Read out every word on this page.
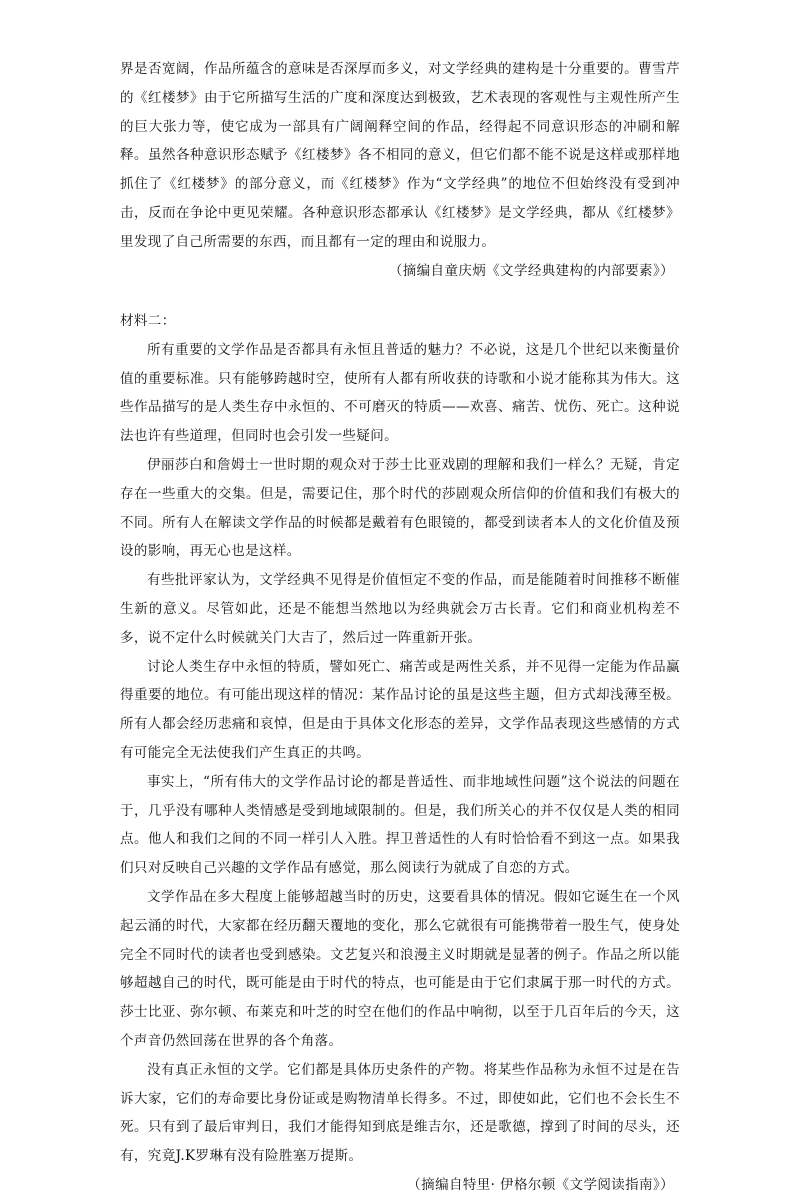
界是否宽阔，作品所蕴含的意味是否深厚而多义，对文学经典的建构是十分重要的。曹雪芹的《红楼梦》由于它所描写生活的广度和深度达到极致，艺术表现的客观性与主观性所产生的巨大张力等，使它成为一部具有广阔阐释空间的作品，经得起不同意识形态的冲刷和解释。虽然各种意识形态赋予《红楼梦》各不相同的意义，但它们都不能不说是这样或那样地抓住了《红楼梦》的部分意义，而《红楼梦》作为“文学经典”的地位不但始终没有受到冲击，反而在争论中更见荣耀。各种意识形态都承认《红楼梦》是文学经典，都从《红楼梦》里发现了自己所需要的东西，而且都有一定的理由和说服力。

（摘编自童庆炳《文学经典建构的内部要素》）

材料二：

所有重要的文学作品是否都具有永恒且普适的魅力？不必说，这是几个世纪以来衡量价值的重要标准。只有能够跨越时空，使所有人都有所收获的诗歌和小说才能称其为伟大。这些作品描写的是人类生存中永恒的、不可磨灭的特质——欢喜、痛苦、忧伤、死亡。这种说法也许有些道理，但同时也会引发一些疑问。

伊丽莎白和詹姆士一世时期的观众对于莎士比亚戏剧的理解和我们一样么？无疑，肯定存在一些重大的交集。但是，需要记住，那个时代的莎剧观众所信仰的价值和我们有极大的不同。所有人在解读文学作品的时候都是戴着有色眼镜的，都受到读者本人的文化价值及预设的影响，再无心也是这样。

有些批评家认为，文学经典不见得是价值恒定不变的作品，而是能随着时间推移不断催生新的意义。尽管如此，还是不能想当然地以为经典就会万古长青。它们和商业机构差不多，说不定什么时候就关门大吉了，然后过一阵重新开张。

讨论人类生存中永恒的特质，譬如死亡、痛苦或是两性关系，并不见得一定能为作品赢得重要的地位。有可能出现这样的情况：某作品讨论的虽是这些主题，但方式却浅薄至极。所有人都会经历悲痛和哀悼，但是由于具体文化形态的差异，文学作品表现这些感情的方式有可能完全无法使我们产生真正的共鸣。

事实上，“所有伟大的文学作品讨论的都是普适性、而非地域性问题”这个说法的问题在于，几乎没有哪种人类情感是受到地域限制的。但是，我们所关心的并不仅仅是人类的相同点。他人和我们之间的不同一样引人入胜。捍卫普适性的人有时恰恰看不到这一点。如果我们只对反映自己兴趣的文学作品有感觉，那么阅读行为就成了自恋的方式。

文学作品在多大程度上能够超越当时的历史，这要看具体的情况。假如它诞生在一个风起云涌的时代，大家都在经历翻天覆地的变化，那么它就很有可能携带着一股生气，使身处完全不同时代的读者也受到感染。文艺复兴和浪漫主义时期就是显著的例子。作品之所以能够超越自己的时代，既可能是由于时代的特点，也可能是由于它们隶属于那一时代的方式。莎士比亚、弥尔顿、布莱克和叶芝的时空在他们的作品中响彻，以至于几百年后的今天，这个声音仍然回荡在世界的各个角落。

没有真正永恒的文学。它们都是具体历史条件的产物。将某些作品称为永恒不过是在告诉大家，它们的寿命要比身份证或是购物清单长得多。不过，即使如此，它们也不会长生不死。只有到了最后审判日，我们才能得知到底是维吉尔，还是歌德，撑到了时间的尽头，还有，究竟J.K罗琳有没有险胜塞万提斯。

（摘编自特里· 伊格尔顿《文学阅读指南》）
